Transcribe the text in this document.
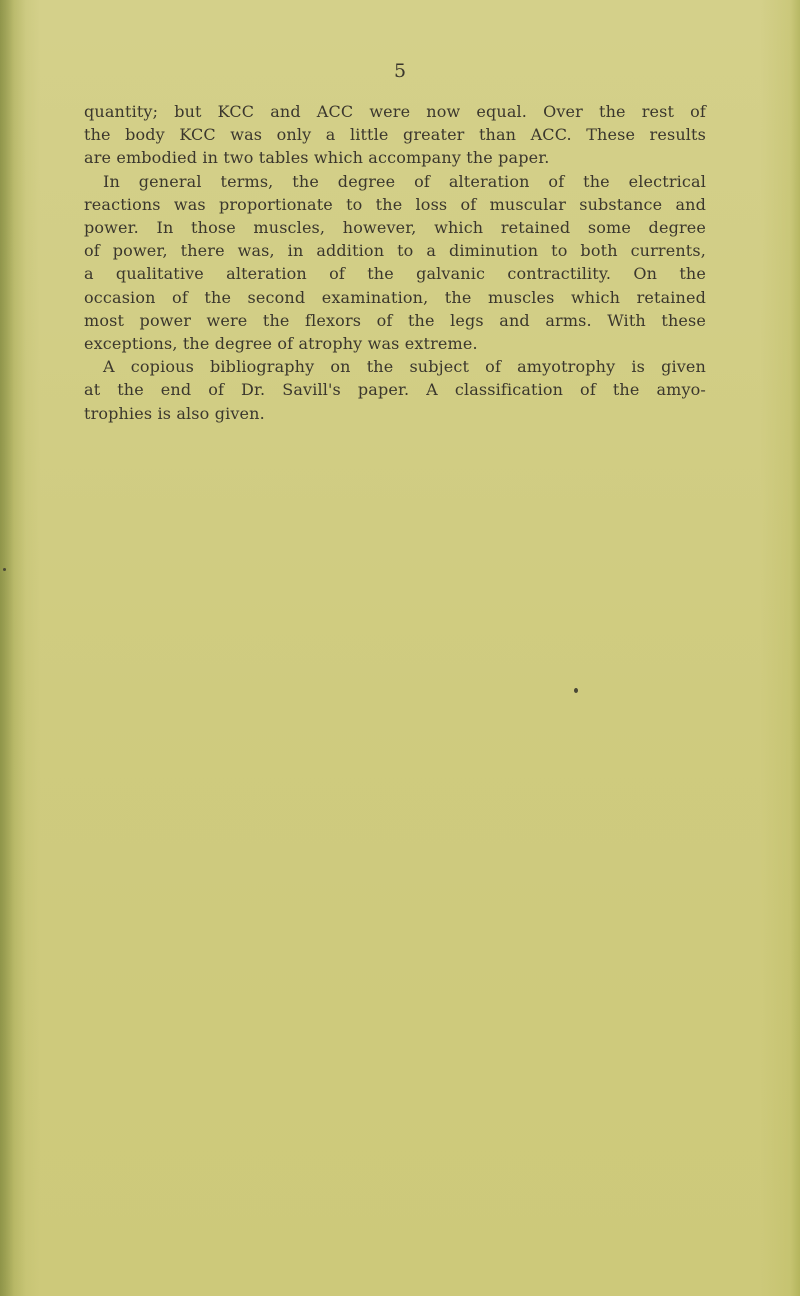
5

quantity; but KCC and ACC were now equal. Over the rest of
the body KCC was only a little greater than ACC. These results
are embodied in two tables which accompany the paper.
In general terms, the degree of alteration of the electrical
reactions was proportionate to the loss of muscular substance and
power. In those muscles, however, which retained some degree
of power, there was, in addition to a diminution to both currents,
a qualitative alteration of the galvanic contractility. On the
occasion of the second examination, the muscles which retained
most power were the flexors of the legs and arms. With these
exceptions, the degree of atrophy was extreme.
A copious bibliography on the subject of amyotrophy is given
at the end of Dr. Savill's paper. A classification of the amyo-
trophies is also given.
